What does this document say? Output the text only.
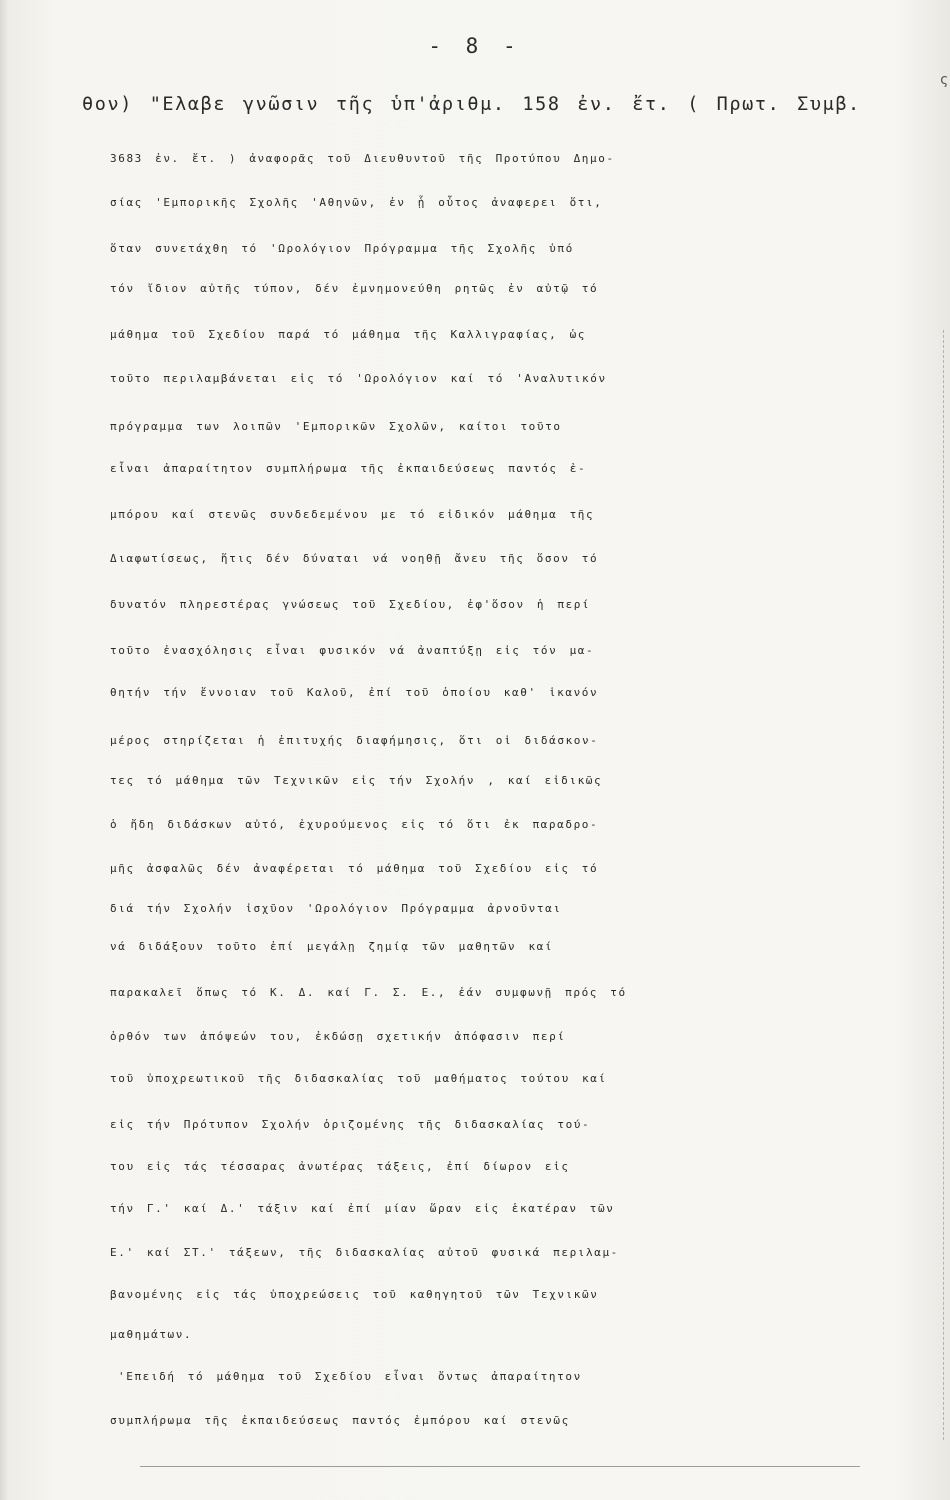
- 8 -
ς
θον) "Ελαβε γνῶσιν τῆς ὑπ'ἀριθμ. 158 ἐν. ἔτ. ( Πρωτ. Συμβ.
3683 ἐν. ἔτ. ) ἀναφορᾶς τοῦ Διευθυντοῦ τῆς Προτύπου Δημο-
σίας 'Εμπορικῆς Σχολῆς 'Αθηνῶν, ἐν ᾗ οὗτος ἀναφερει ὅτι,
ὅταν συνετάχθη τό 'Ωρολόγιον Πρόγραμμα τῆς Σχολῆς ὑπό
τόν ἴδιον αὐτῆς τύπον, δέν ἐμνημονεύθη ρητῶς ἐν αὐτῷ τό
μάθημα τοῦ Σχεδίου παρά τό μάθημα τῆς Καλλιγραφίας, ὡς
τοῦτο περιλαμβάνεται εἰς τό 'Ωρολόγιον καί τό 'Αναλυτικόν
πρόγραμμα των λοιπῶν 'Εμπορικῶν Σχολῶν, καίτοι τοῦτο
εἶναι ἀπαραίτητον συμπλήρωμα τῆς ἐκπαιδεύσεως παντός ἐ-
μπόρου καί στενῶς συνδεδεμένου με τό εἰδικόν μάθημα τῆς
Διαφωτίσεως, ἥτις δέν δύναται νά νοηθῇ ἄνευ τῆς ὅσον τό
δυνατόν πληρεστέρας γνώσεως τοῦ Σχεδίου, ἐφ'ὅσον ἡ περί
τοῦτο ἐνασχόλησις εἶναι φυσικόν νά ἀναπτύξῃ εἰς τόν μα-
θητήν τήν ἔννοιαν τοῦ Καλοῦ, ἐπί τοῦ ὁποίου καθ' ἱκανόν
μέρος στηρίζεται ἡ ἐπιτυχής διαφήμησις, ὅτι οἱ διδάσκον-
τες τό μάθημα τῶν Τεχνικῶν εἰς τήν Σχολήν , καί εἰδικῶς
ὁ ἤδη διδάσκων αὐτό, ἐχυρούμενος εἰς τό ὅτι ἐκ παραδρο-
μῆς ἀσφαλῶς δέν ἀναφέρεται τό μάθημα τοῦ Σχεδίου εἰς τό
διά τήν Σχολήν ἰσχῦον 'Ωρολόγιον Πρόγραμμα ἀρνοῦνται
νά διδάξουν τοῦτο ἐπί μεγάλῃ ζημίᾳ τῶν μαθητῶν καί
παρακαλεῖ ὅπως τό Κ. Δ. καί Γ. Σ. Ε., ἐάν συμφωνῇ πρός τό
ὀρθόν των ἀπόψεών του, ἐκδώσῃ σχετικήν ἀπόφασιν περί
τοῦ ὑποχρεωτικοῦ τῆς διδασκαλίας τοῦ μαθήματος τούτου καί
εἰς τήν Πρότυπον Σχολήν ὁριζομένης τῆς διδασκαλίας τού-
του εἰς τάς τέσσαρας ἀνωτέρας τάξεις, ἐπί δίωρον εἰς
τήν Γ.' καί Δ.' τάξιν καί ἐπί μίαν ὥραν εἰς ἑκατέραν τῶν
Ε.' καί ΣΤ.' τάξεων, τῆς διδασκαλίας αὐτοῦ φυσικά περιλαμ-
βανομένης εἰς τάς ὑποχρεώσεις τοῦ καθηγητοῦ τῶν Τεχνικῶν
μαθημάτων.
'Επειδή τό μάθημα τοῦ Σχεδίου εἶναι ὄντως ἀπαραίτητον
συμπλήρωμα τῆς ἐκπαιδεύσεως παντός ἐμπόρου καί στενῶς
